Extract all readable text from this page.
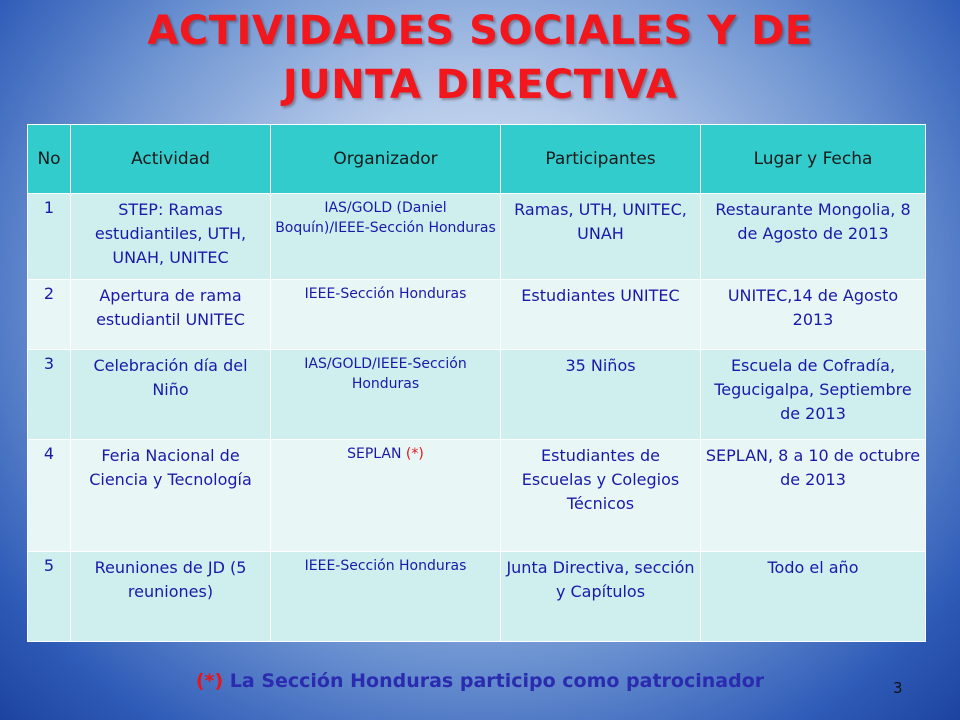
ACTIVIDADES SOCIALES Y DE
JUNTA DIRECTIVA
No	Actividad	Organizador	Participantes	Lugar y Fecha
1	STEP: Ramas estudiantiles, UTH, UNAH, UNITEC	IAS/GOLD (Daniel Boquín)/IEEE-Sección Honduras	Ramas, UTH, UNITEC, UNAH	Restaurante Mongolia, 8 de Agosto de 2013
2	Apertura de rama estudiantil UNITEC	IEEE-Sección Honduras	Estudiantes UNITEC	UNITEC,14 de Agosto 2013
3	Celebración día del Niño	IAS/GOLD/IEEE-Sección Honduras	35 Niños	Escuela de Cofradía, Tegucigalpa, Septiembre de 2013
4	Feria Nacional de Ciencia y Tecnología	SEPLAN (*)	Estudiantes de Escuelas y Colegios Técnicos	SEPLAN, 8 a 10 de octubre de 2013
5	Reuniones de JD (5 reuniones)	IEEE-Sección Honduras	Junta Directiva, sección y Capítulos	Todo el año
(*) La Sección Honduras participo como patrocinador	3
